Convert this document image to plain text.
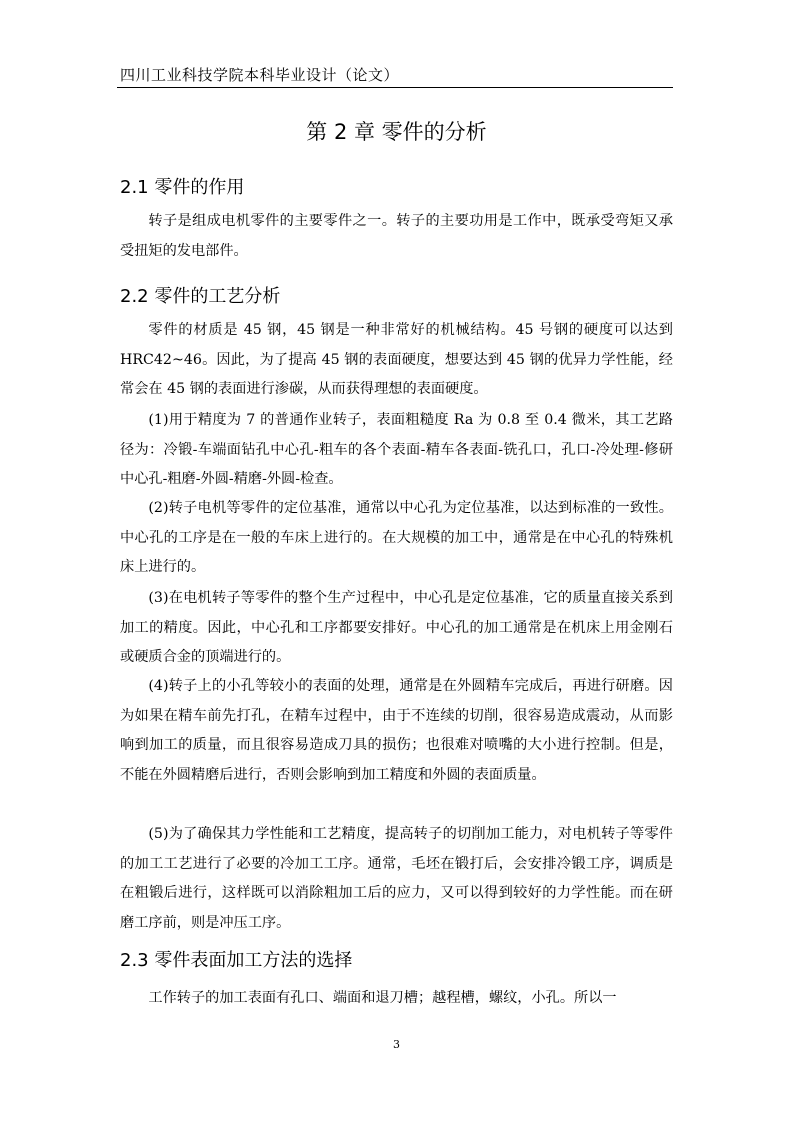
四川工业科技学院本科毕业设计（论文）
第 2 章 零件的分析
2.1 零件的作用

转子是组成电机零件的主要零件之一。转子的主要功用是工作中，既承受弯矩又承受扭矩的发电部件。

2.2 零件的工艺分析

零件的材质是 45 钢，45 钢是一种非常好的机械结构。45 号钢的硬度可以达到 HRC42~46。因此，为了提高 45 钢的表面硬度，想要达到 45 钢的优异力学性能，经常会在 45 钢的表面进行渗碳，从而获得理想的表面硬度。

(1)用于精度为 7 的普通作业转子，表面粗糙度 Ra 为 0.8 至 0.4 微米，其工艺路径为：冷锻-车端面钻孔中心孔-粗车的各个表面-精车各表面-铣孔口，孔口-冷处理-修研中心孔-粗磨-外圆-精磨-外圆-检查。

(2)转子电机等零件的定位基准，通常以中心孔为定位基准，以达到标准的一致性。中心孔的工序是在一般的车床上进行的。在大规模的加工中，通常是在中心孔的特殊机床上进行的。

(3)在电机转子等零件的整个生产过程中，中心孔是定位基准，它的质量直接关系到加工的精度。因此，中心孔和工序都要安排好。中心孔的加工通常是在机床上用金刚石或硬质合金的顶端进行的。

(4)转子上的小孔等较小的表面的处理，通常是在外圆精车完成后，再进行研磨。因为如果在精车前先打孔，在精车过程中，由于不连续的切削，很容易造成震动，从而影响到加工的质量，而且很容易造成刀具的损伤；也很难对喷嘴的大小进行控制。但是，不能在外圆精磨后进行，否则会影响到加工精度和外圆的表面质量。

(5)为了确保其力学性能和工艺精度，提高转子的切削加工能力，对电机转子等零件的加工工艺进行了必要的冷加工工序。通常，毛坯在锻打后，会安排冷锻工序，调质是在粗锻后进行，这样既可以消除粗加工后的应力，又可以得到较好的力学性能。而在研磨工序前，则是冲压工序。

2.3 零件表面加工方法的选择

工作转子的加工表面有孔口、端面和退刀槽；越程槽，螺纹，小孔。所以一

3
